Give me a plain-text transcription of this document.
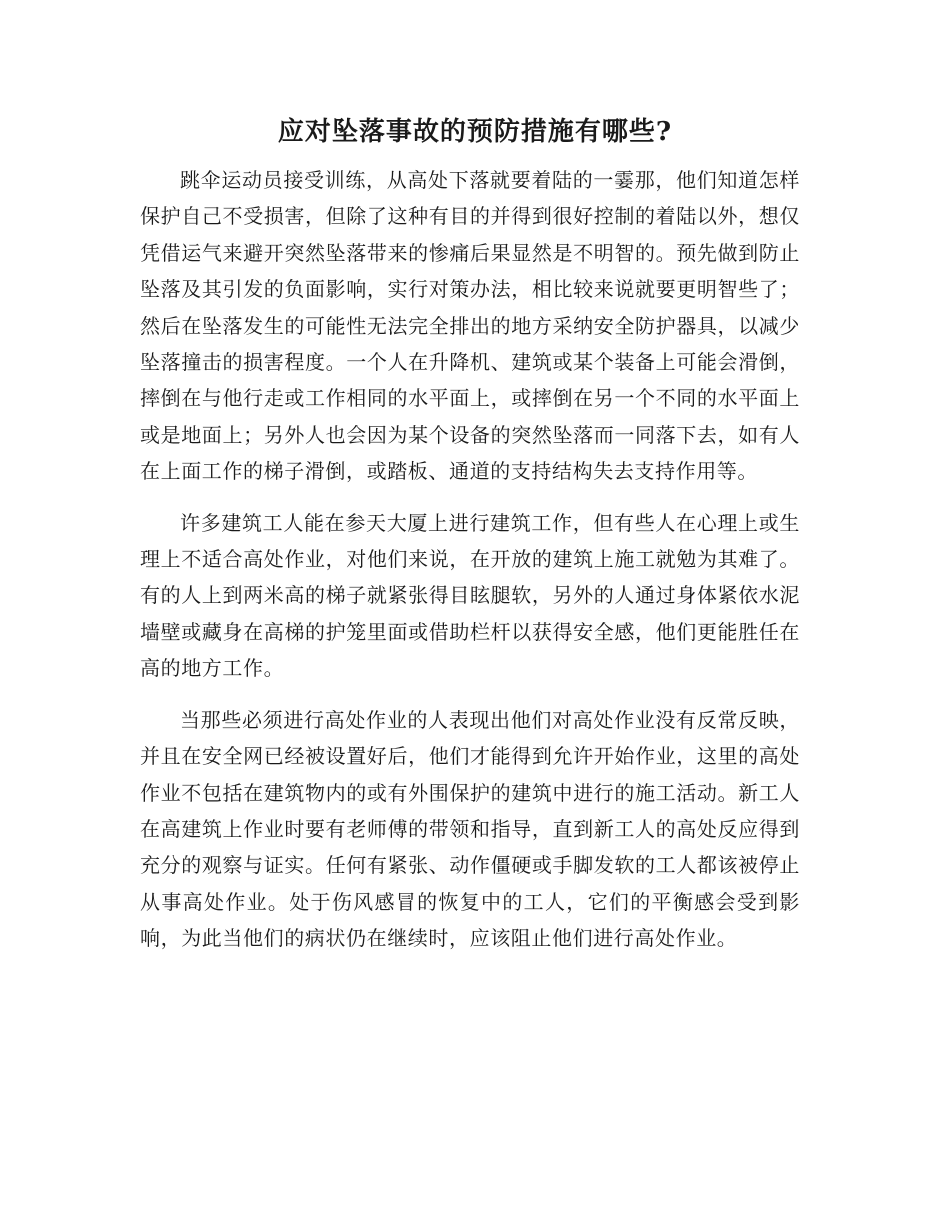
应对坠落事故的预防措施有哪些?

跳伞运动员接受训练，从高处下落就要着陆的一霎那，他们知道怎样保护自己不受损害，但除了这种有目的并得到很好控制的着陆以外，想仅凭借运气来避开突然坠落带来的惨痛后果显然是不明智的。预先做到防止坠落及其引发的负面影响，实行对策办法，相比较来说就要更明智些了；然后在坠落发生的可能性无法完全排出的地方采纳安全防护器具，以减少坠落撞击的损害程度。一个人在升降机、建筑或某个装备上可能会滑倒，摔倒在与他行走或工作相同的水平面上，或摔倒在另一个不同的水平面上或是地面上；另外人也会因为某个设备的突然坠落而一同落下去，如有人在上面工作的梯子滑倒，或踏板、通道的支持结构失去支持作用等。

许多建筑工人能在参天大厦上进行建筑工作，但有些人在心理上或生理上不适合高处作业，对他们来说，在开放的建筑上施工就勉为其难了。有的人上到两米高的梯子就紧张得目眩腿软，另外的人通过身体紧依水泥墙壁或藏身在高梯的护笼里面或借助栏杆以获得安全感，他们更能胜任在高的地方工作。

当那些必须进行高处作业的人表现出他们对高处作业没有反常反映，并且在安全网已经被设置好后，他们才能得到允许开始作业，这里的高处作业不包括在建筑物内的或有外围保护的建筑中进行的施工活动。新工人在高建筑上作业时要有老师傅的带领和指导，直到新工人的高处反应得到充分的观察与证实。任何有紧张、动作僵硬或手脚发软的工人都该被停止从事高处作业。处于伤风感冒的恢复中的工人，它们的平衡感会受到影响，为此当他们的病状仍在继续时，应该阻止他们进行高处作业。
